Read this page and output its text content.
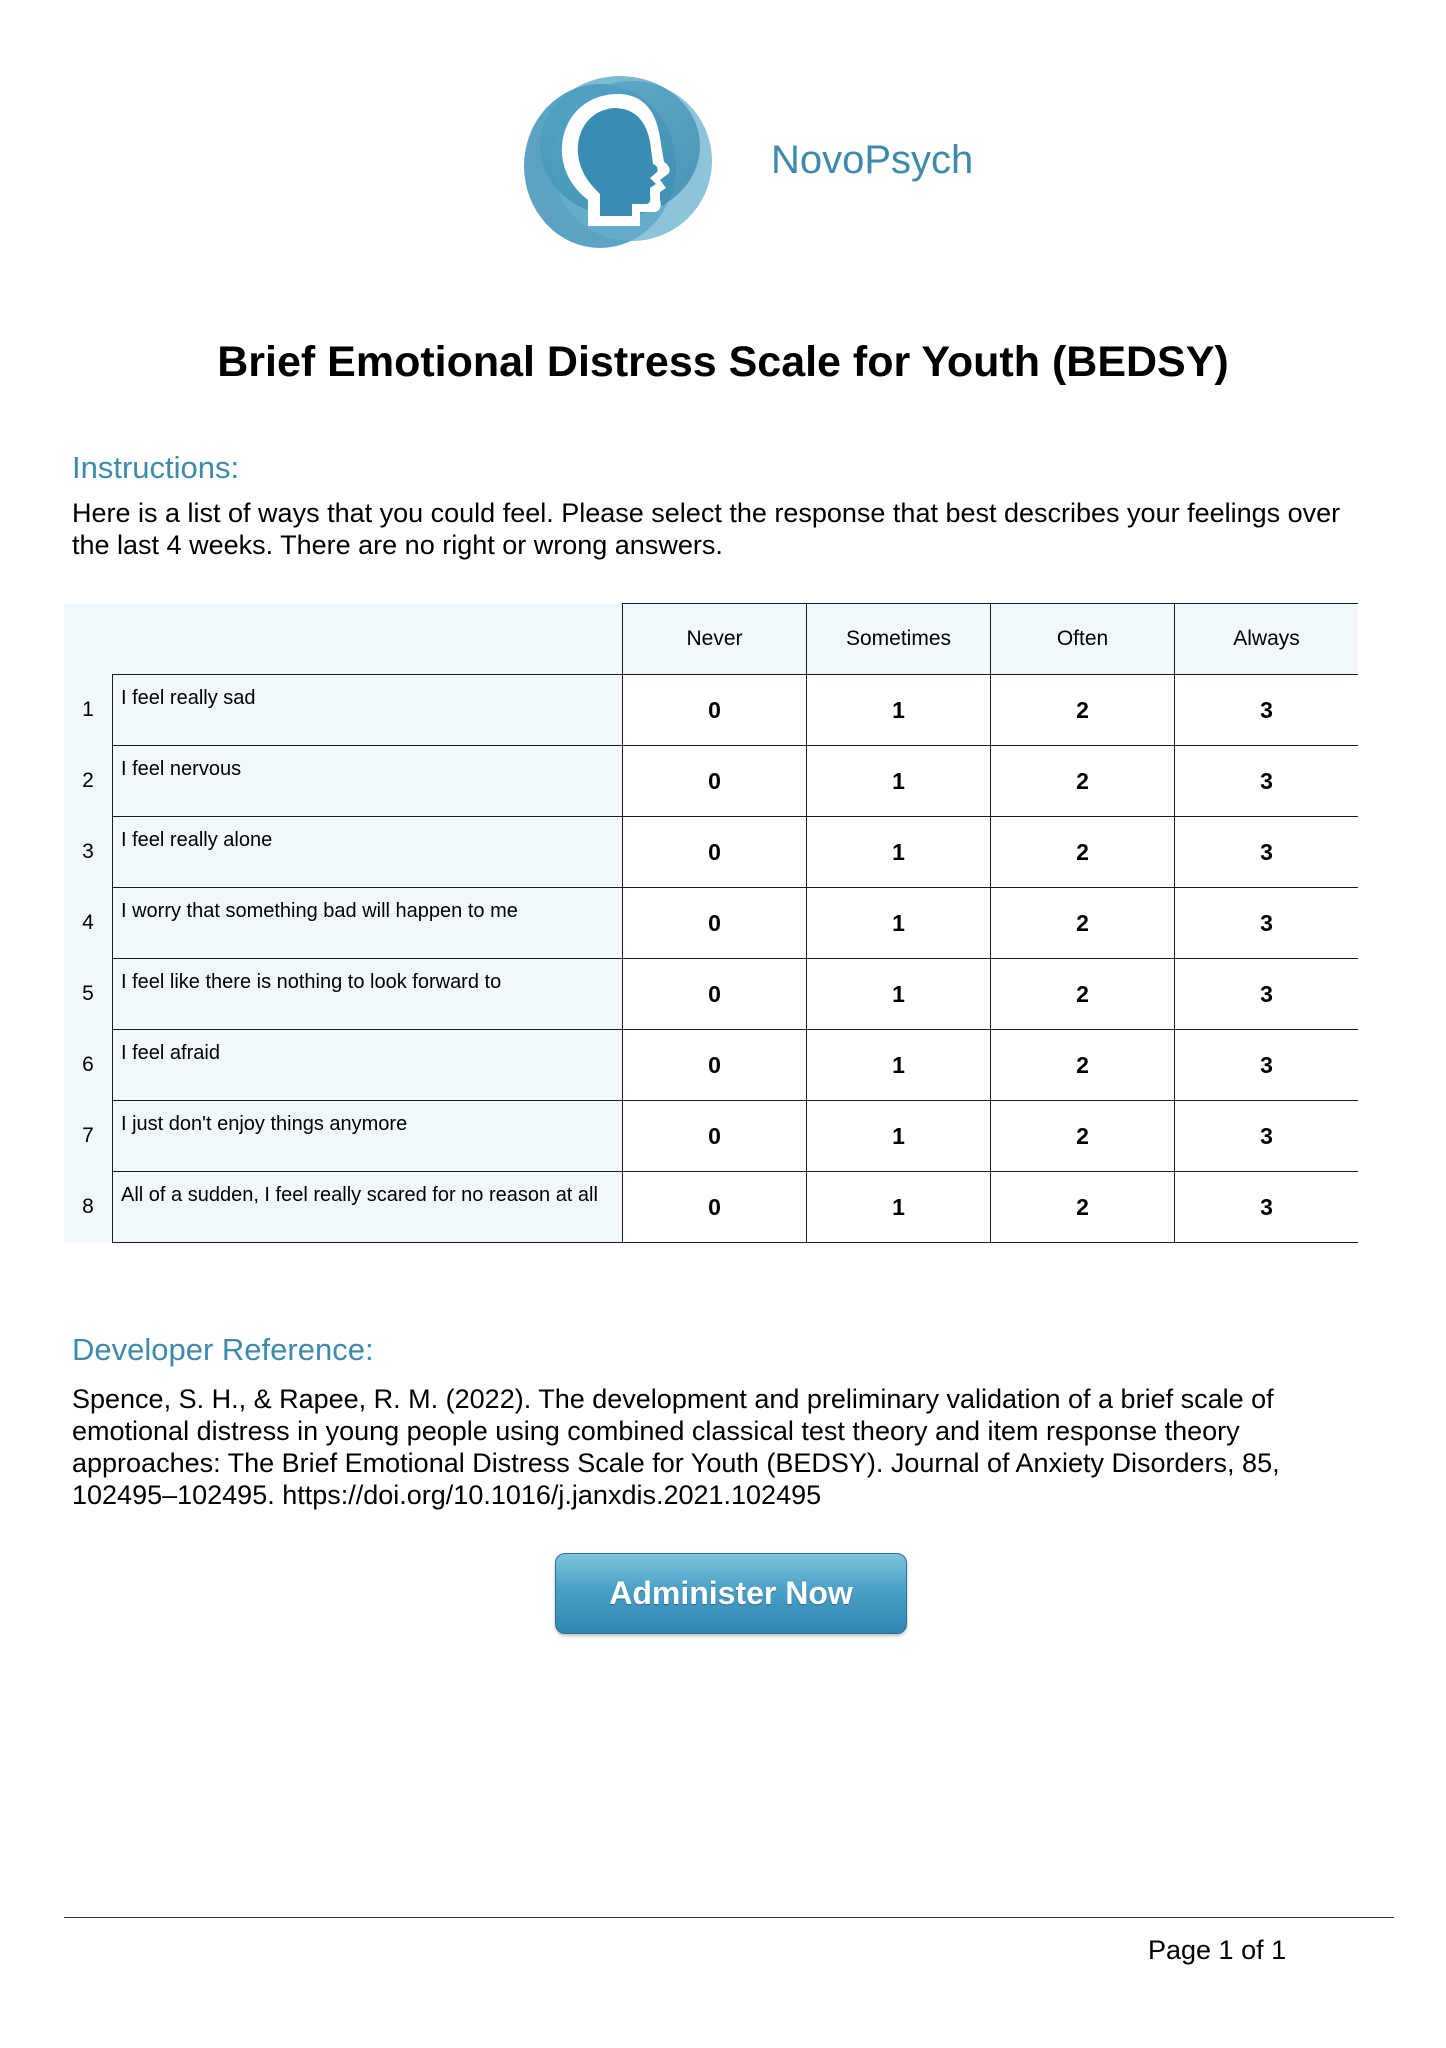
NovoPsych
Brief Emotional Distress Scale for Youth (BEDSY)
Instructions:
Here is a list of ways that you could feel. Please select the response that best describes your feelings over the last 4 weeks. There are no right or wrong answers.
		Never	Sometimes	Often	Always
1	I feel really sad	0	1	2	3
2	I feel nervous	0	1	2	3
3	I feel really alone	0	1	2	3
4	I worry that something bad will happen to me	0	1	2	3
5	I feel like there is nothing to look forward to	0	1	2	3
6	I feel afraid	0	1	2	3
7	I just don't enjoy things anymore	0	1	2	3
8	All of a sudden, I feel really scared for no reason at all	0	1	2	3
Developer Reference:
Spence, S. H., & Rapee, R. M. (2022). The development and preliminary validation of a brief scale of emotional distress in young people using combined classical test theory and item response theory approaches: The Brief Emotional Distress Scale for Youth (BEDSY). Journal of Anxiety Disorders, 85, 102495–102495. https://doi.org/10.1016/j.janxdis.2021.102495
Administer Now
Page 1 of 1
